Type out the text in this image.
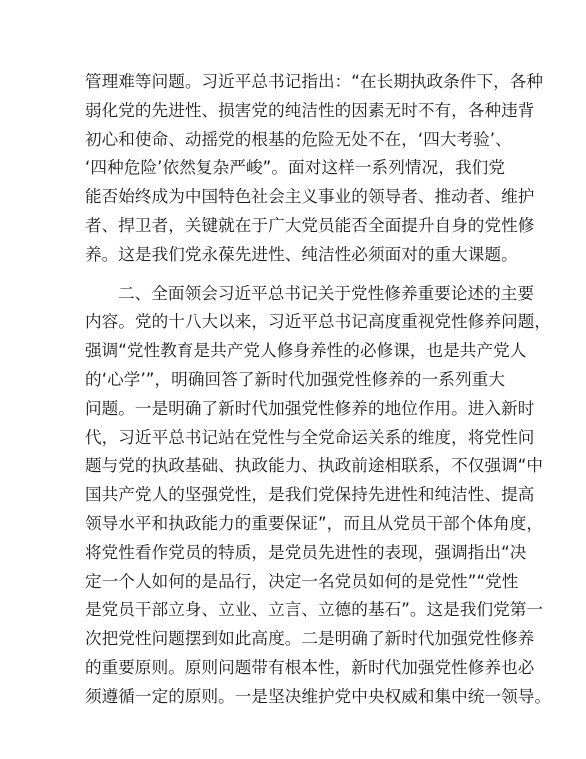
管理难等问题。习近平总书记指出：“在长期执政条件下，各种
弱化党的先进性、损害党的纯洁性的因素无时不有，各种违背
初心和使命、动摇党的根基的危险无处不在，‘四大考验’、
‘四种危险’依然复杂严峻”。面对这样一系列情况，我们党
能否始终成为中国特色社会主义事业的领导者、推动者、维护
者、捍卫者，关键就在于广大党员能否全面提升自身的党性修
养。这是我们党永葆先进性、纯洁性必须面对的重大课题。
二、全面领会习近平总书记关于党性修养重要论述的主要
内容。党的十八大以来，习近平总书记高度重视党性修养问题，
强调“党性教育是共产党人修身养性的必修课，也是共产党人
的‘心学’”，明确回答了新时代加强党性修养的一系列重大
问题。一是明确了新时代加强党性修养的地位作用。进入新时
代，习近平总书记站在党性与全党命运关系的维度，将党性问
题与党的执政基础、执政能力、执政前途相联系，不仅强调“中
国共产党人的坚强党性，是我们党保持先进性和纯洁性、提高
领导水平和执政能力的重要保证”，而且从党员干部个体角度，
将党性看作党员的特质，是党员先进性的表现，强调指出“决
定一个人如何的是品行，决定一名党员如何的是党性”“党性
是党员干部立身、立业、立言、立德的基石”。这是我们党第一
次把党性问题摆到如此高度。二是明确了新时代加强党性修养
的重要原则。原则问题带有根本性，新时代加强党性修养也必
须遵循一定的原则。一是坚决维护党中央权威和集中统一领导。
